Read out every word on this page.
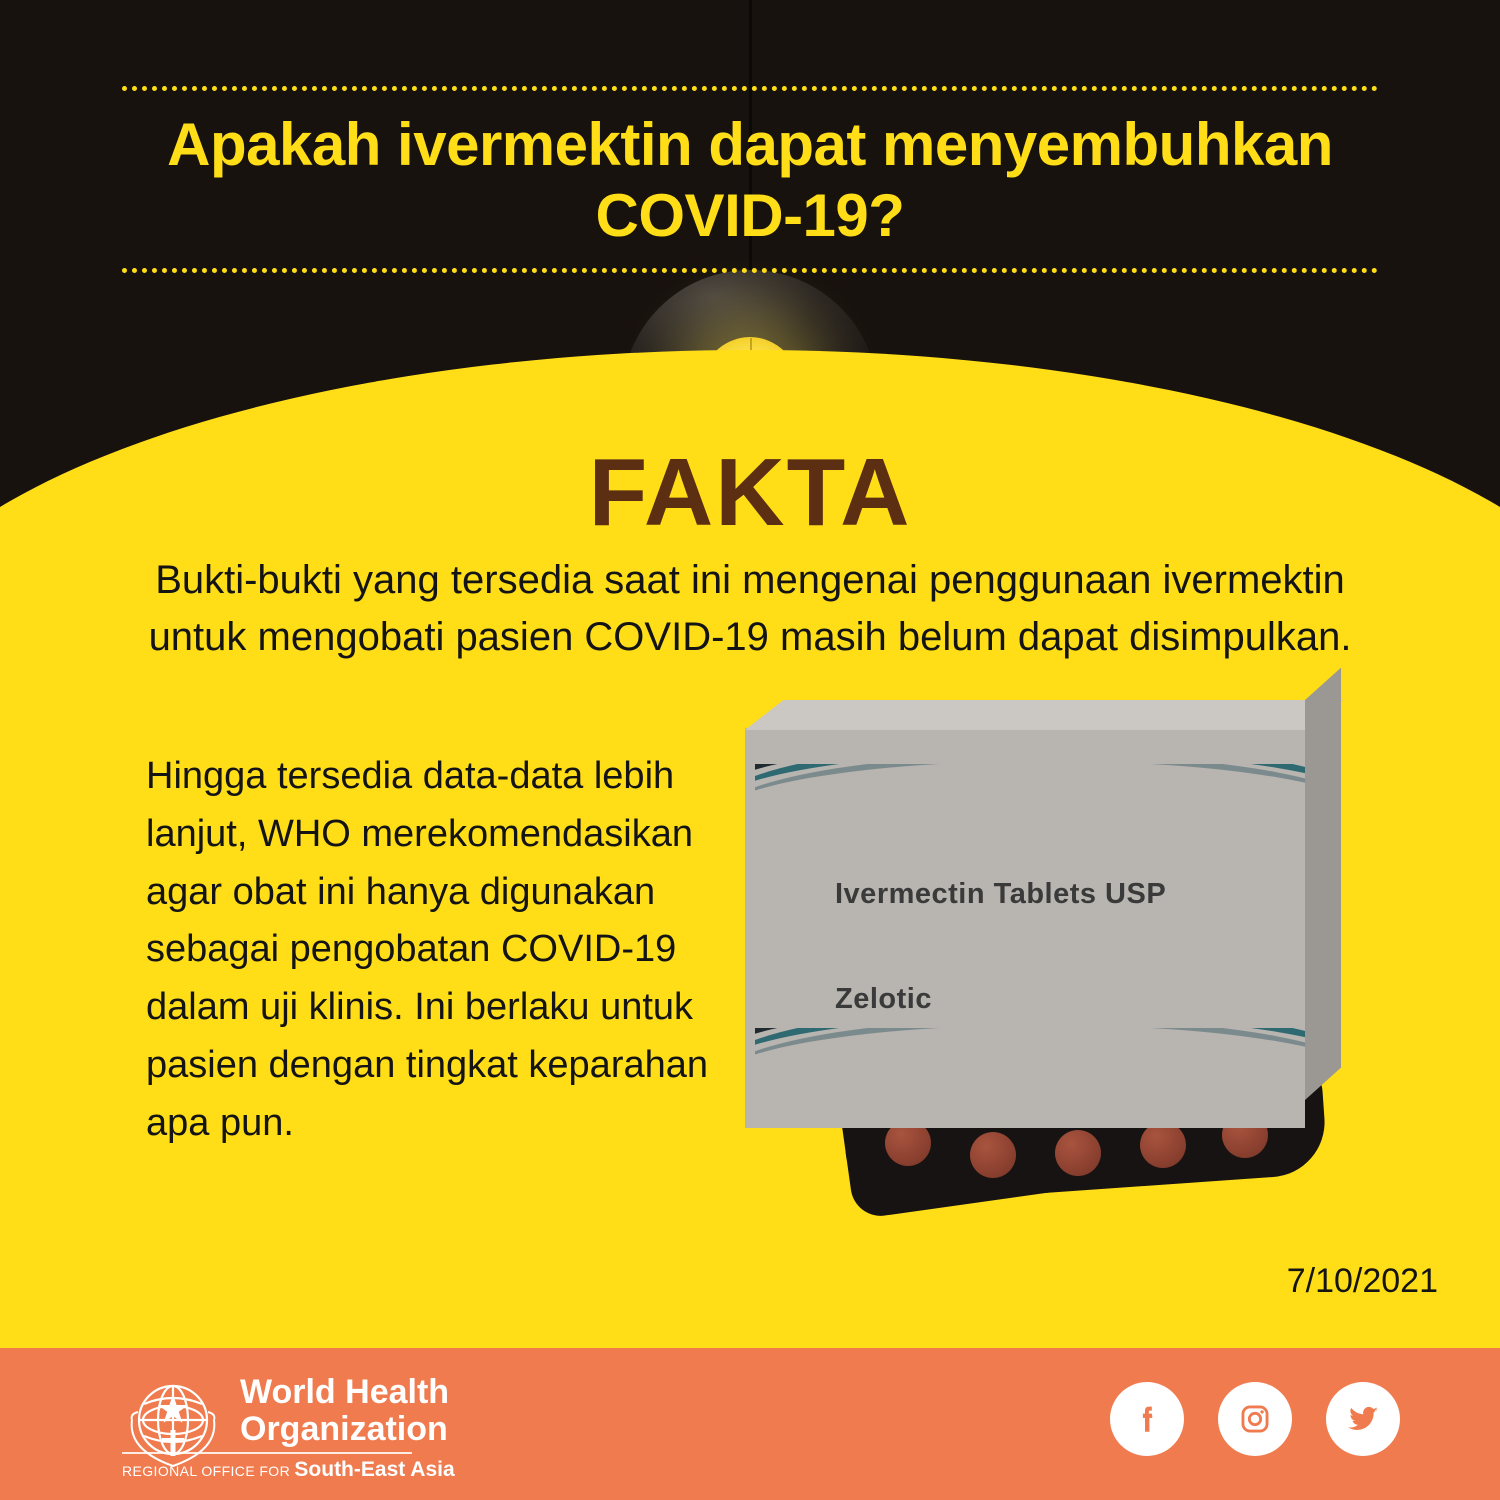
Apakah ivermektin dapat menyembuhkan COVID-19?
FAKTA
Bukti-bukti yang tersedia saat ini mengenai penggunaan ivermektin untuk mengobati pasien COVID-19 masih belum dapat disimpulkan.
Hingga tersedia data-data lebih lanjut, WHO merekomendasikan agar obat ini hanya digunakan sebagai pengobatan COVID-19 dalam uji klinis. Ini berlaku untuk pasien dengan tingkat keparahan apa pun.
Ivermectin Tablets USP
Zelotic
7/10/2021
World Health
Organization
REGIONAL OFFICE FOR South-East Asia
